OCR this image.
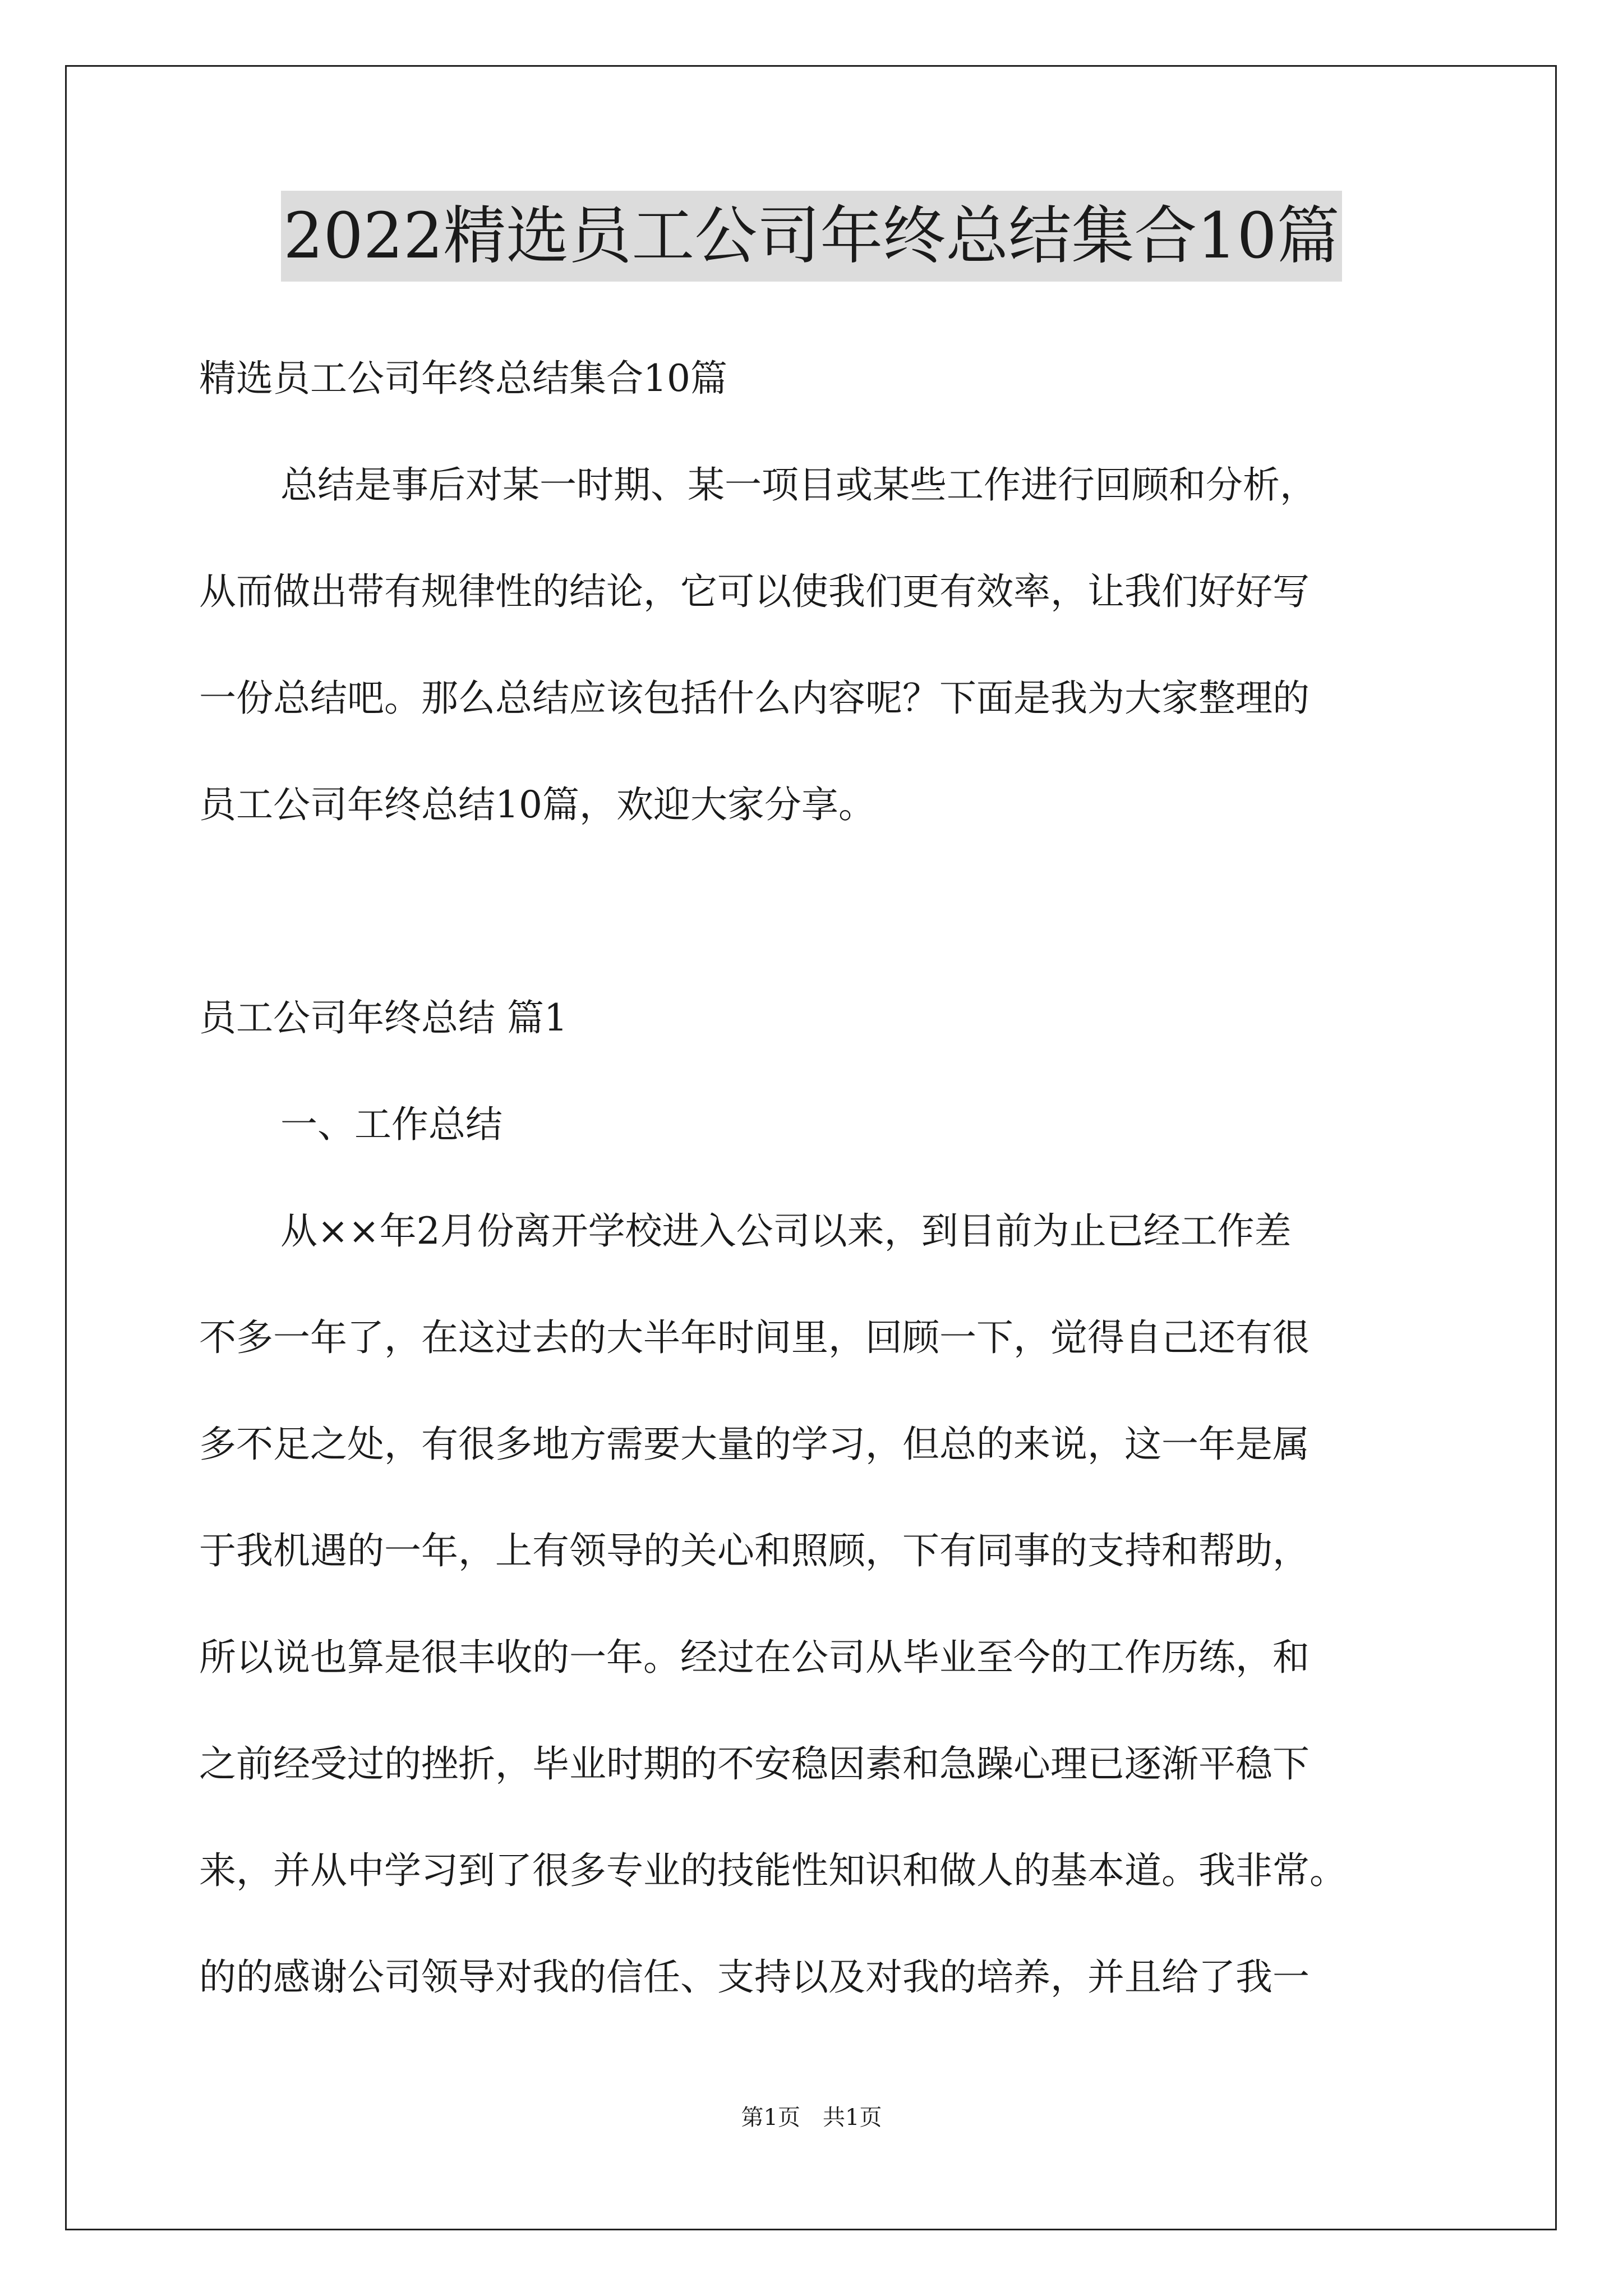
2022精选员工公司年终总结集合10篇
精选员工公司年终总结集合10篇
总结是事后对某一时期、某一项目或某些工作进行回顾和分析，
从而做出带有规律性的结论，它可以使我们更有效率，让我们好好写
一份总结吧。那么总结应该包括什么内容呢？下面是我为大家整理的
员工公司年终总结10篇，欢迎大家分享。
员工公司年终总结 篇1
一、工作总结
从××年2月份离开学校进入公司以来，到目前为止已经工作差
不多一年了，在这过去的大半年时间里，回顾一下，觉得自己还有很
多不足之处，有很多地方需要大量的学习，但总的来说，这一年是属
于我机遇的一年，上有领导的关心和照顾，下有同事的支持和帮助，
所以说也算是很丰收的一年。经过在公司从毕业至今的工作历练，和
之前经受过的挫折，毕业时期的不安稳因素和急躁心理已逐渐平稳下
来，并从中学习到了很多专业的技能性知识和做人的基本道。我非常。
的的感谢公司领导对我的信任、支持以及对我的培养，并且给了我一
第1页　共1页
